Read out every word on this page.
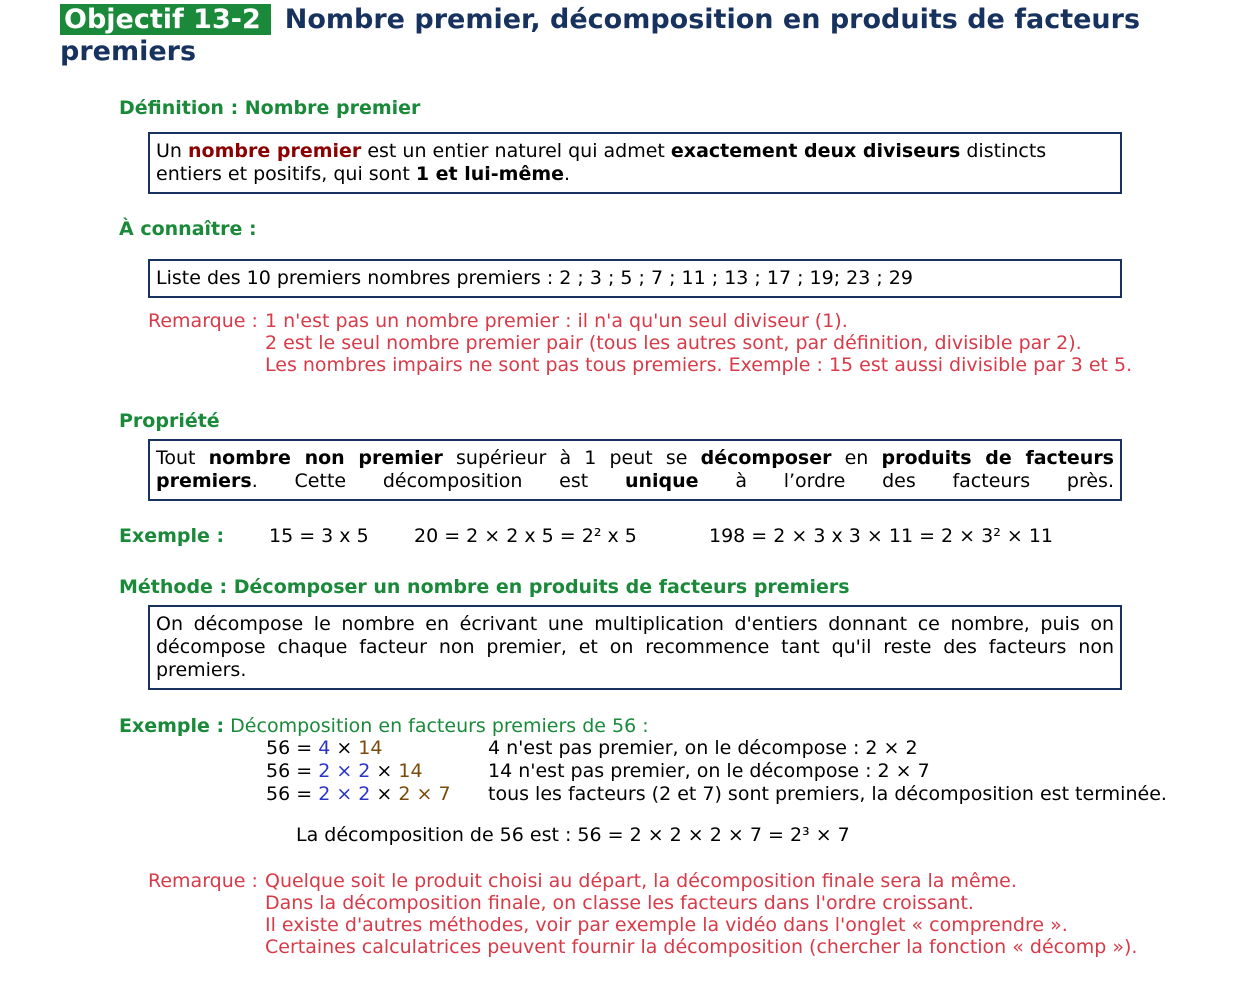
Objectif 13-2 Nombre premier, décomposition en produits de facteurs premiers
Définition : Nombre premier
Un nombre premier est un entier naturel qui admet exactement deux diviseurs distincts entiers et positifs, qui sont 1 et lui-même.
À connaître :
Liste des 10 premiers nombres premiers : 2 ; 3 ; 5 ; 7 ; 11 ; 13 ; 17 ; 19; 23 ; 29
Remarque : 1 n'est pas un nombre premier : il n'a qu'un seul diviseur (1).
2 est le seul nombre premier pair (tous les autres sont, par définition, divisible par 2).
Les nombres impairs ne sont pas tous premiers. Exemple : 15 est aussi divisible par 3 et 5.
Propriété
Tout nombre non premier supérieur à 1 peut se décomposer en produits de facteurs premiers. Cette décomposition est unique à l’ordre des facteurs près.
Exemple : 15 = 3 x 5 20 = 2 × 2 x 5 = 2² x 5	198 = 2 × 3 x 3 × 11 = 2 × 3² × 11
Méthode : Décomposer un nombre en produits de facteurs premiers
On décompose le nombre en écrivant une multiplication d'entiers donnant ce nombre, puis on
décompose chaque facteur non premier, et on recommence tant qu'il reste des facteurs non
premiers.
Exemple : Décomposition en facteurs premiers de 56 :
56 = 4 × 14	4 n'est pas premier, on le décompose : 2 × 2
56 = 2 × 2 × 14	14 n'est pas premier, on le décompose : 2 × 7
56 = 2 × 2 × 2 × 7 tous les facteurs (2 et 7) sont premiers, la décomposition est terminée.
La décomposition de 56 est : 56 = 2 × 2 × 2 × 7 = 2³ × 7
Remarque : Quelque soit le produit choisi au départ, la décomposition finale sera la même.
Dans la décomposition finale, on classe les facteurs dans l'ordre croissant.
Il existe d'autres méthodes, voir par exemple la vidéo dans l'onglet « comprendre ».
Certaines calculatrices peuvent fournir la décomposition (chercher la fonction « décomp »).
